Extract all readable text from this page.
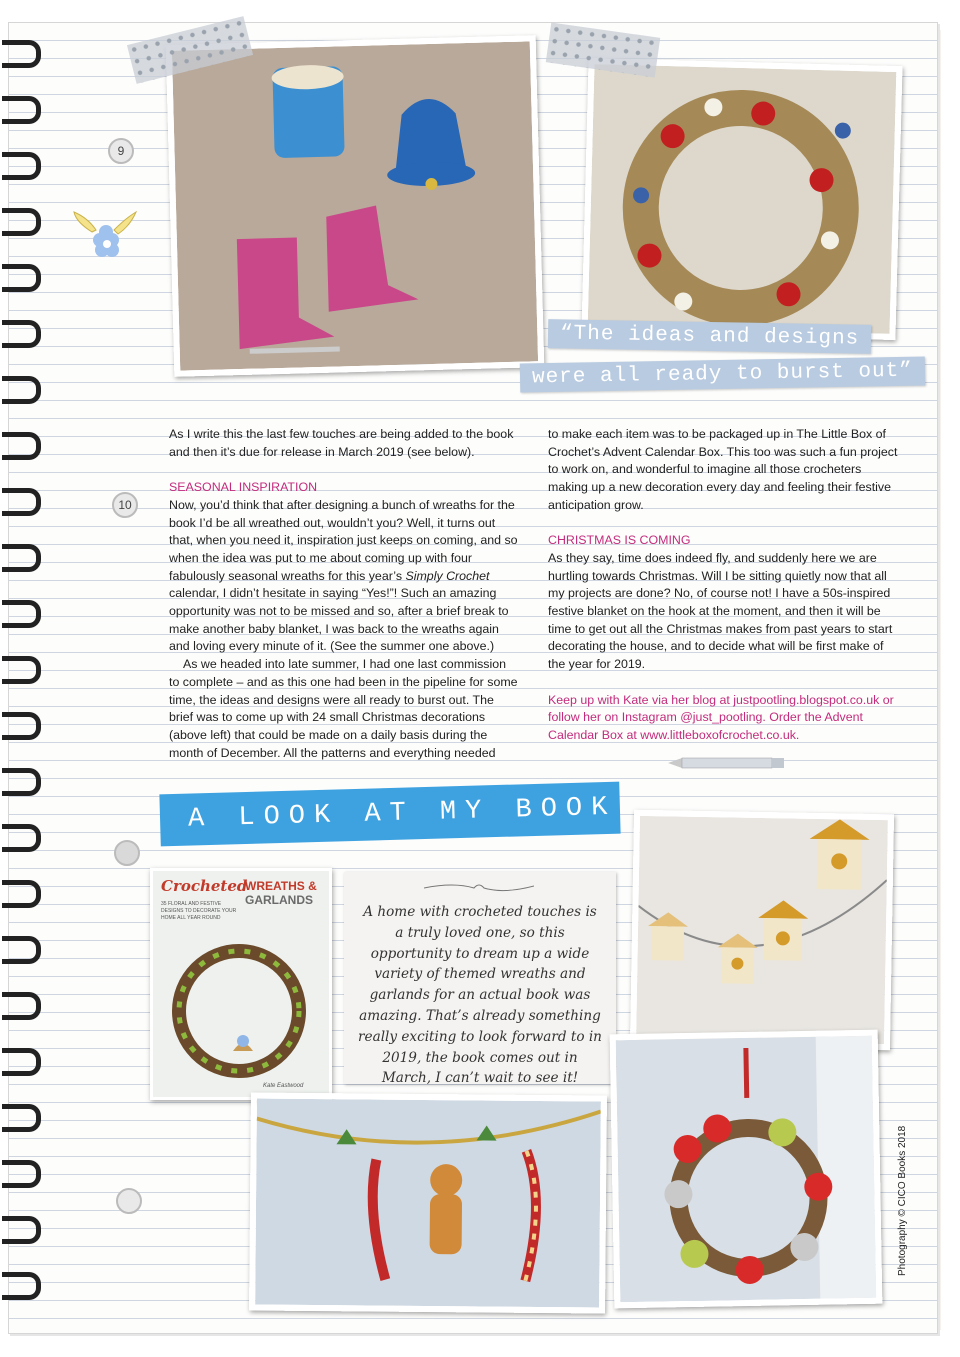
9
10
“The ideas and designs
were all ready to burst out”

As I write this the last few touches are being added to the book and then it’s due for release in March 2019 (see below).

SEASONAL INSPIRATION

Now, you’d think that after designing a bunch of wreaths for the book I’d be all wreathed out, wouldn’t you? Well, it turns out that, when you need it, inspiration just keeps on coming, and so when the idea was put to me about coming up with four fabulously seasonal wreaths for this year’s Simply Crochet calendar, I didn’t hesitate in saying “Yes!”! Such an amazing opportunity was not to be missed and so, after a brief break to make another baby blanket, I was back to the wreaths again and loving every minute of it. (See the summer one above.)

As we headed into late summer, I had one last commission to complete – and as this one had been in the pipeline for some time, the ideas and designs were all ready to burst out. The brief was to come up with 24 small Christmas decorations (above left) that could be made on a daily basis during the month of December. All the patterns and everything needed

to make each item was to be packaged up in The Little Box of Crochet’s Advent Calendar Box. This too was such a fun project to work on, and wonderful to imagine all those crocheters making up a new decoration every day and feeling their festive anticipation grow.

CHRISTMAS IS COMING

As they say, time does indeed fly, and suddenly here we are hurtling towards Christmas. Will I be sitting quietly now that all my projects are done? No, of course not! I have a 50s-inspired festive blanket on the hook at the moment, and then it will be time to get out all the Christmas makes from past years to start decorating the house, and to decide what will be first make of the year for 2019.

Keep up with Kate via her blog at justpootling.blogspot.co.uk or follow her on Instagram @just_pootling. Order the Advent Calendar Box at www.littleboxofcrochet.co.uk.

A LOOK AT MY BOOK
Crocheted
WREATHS &
GARLANDS
35 FLORAL AND FESTIVE DESIGNS TO DECORATE YOUR HOME ALL YEAR ROUND
Kate Eastwood
A home with crocheted touches is a truly loved one, so this opportunity to dream up a wide variety of themed wreaths and garlands for an actual book was amazing. That’s already something really exciting to look forward to in 2019, the book comes out in March, I can’t wait to see it!
Photography © CICO Books 2018
